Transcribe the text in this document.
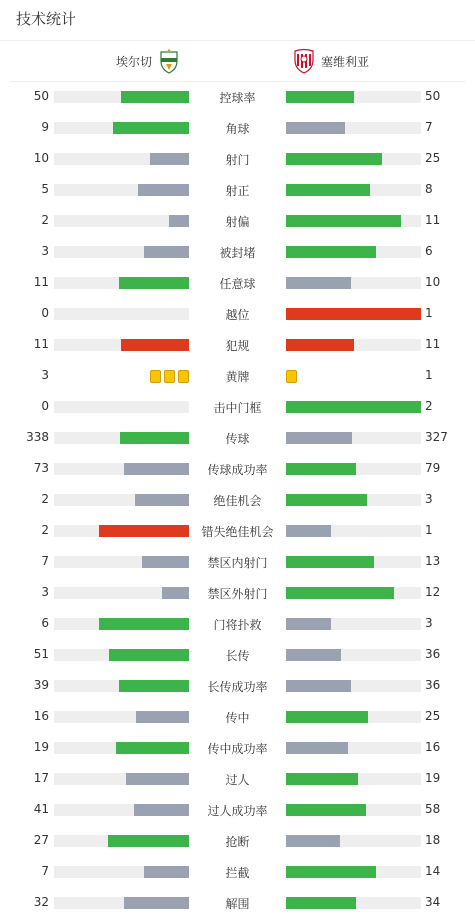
技术统计
埃尔切	塞维利亚
50	控球率	50
9	角球	7
10	射门	25
5	射正	8
2	射偏	11
3	被封堵	6
11	任意球	10
0	越位	1
11	犯规	11
3	黄牌	1
0	击中门框	2
338	传球	327
73	传球成功率	79
2	绝佳机会	3
2	错失绝佳机会	1
7	禁区内射门	13
3	禁区外射门	12
6	门将扑救	3
51	长传	36
39	长传成功率	36
16	传中	25
19	传中成功率	16
17	过人	19
41	过人成功率	58
27	抢断	18
7	拦截	14
32	解围	34
